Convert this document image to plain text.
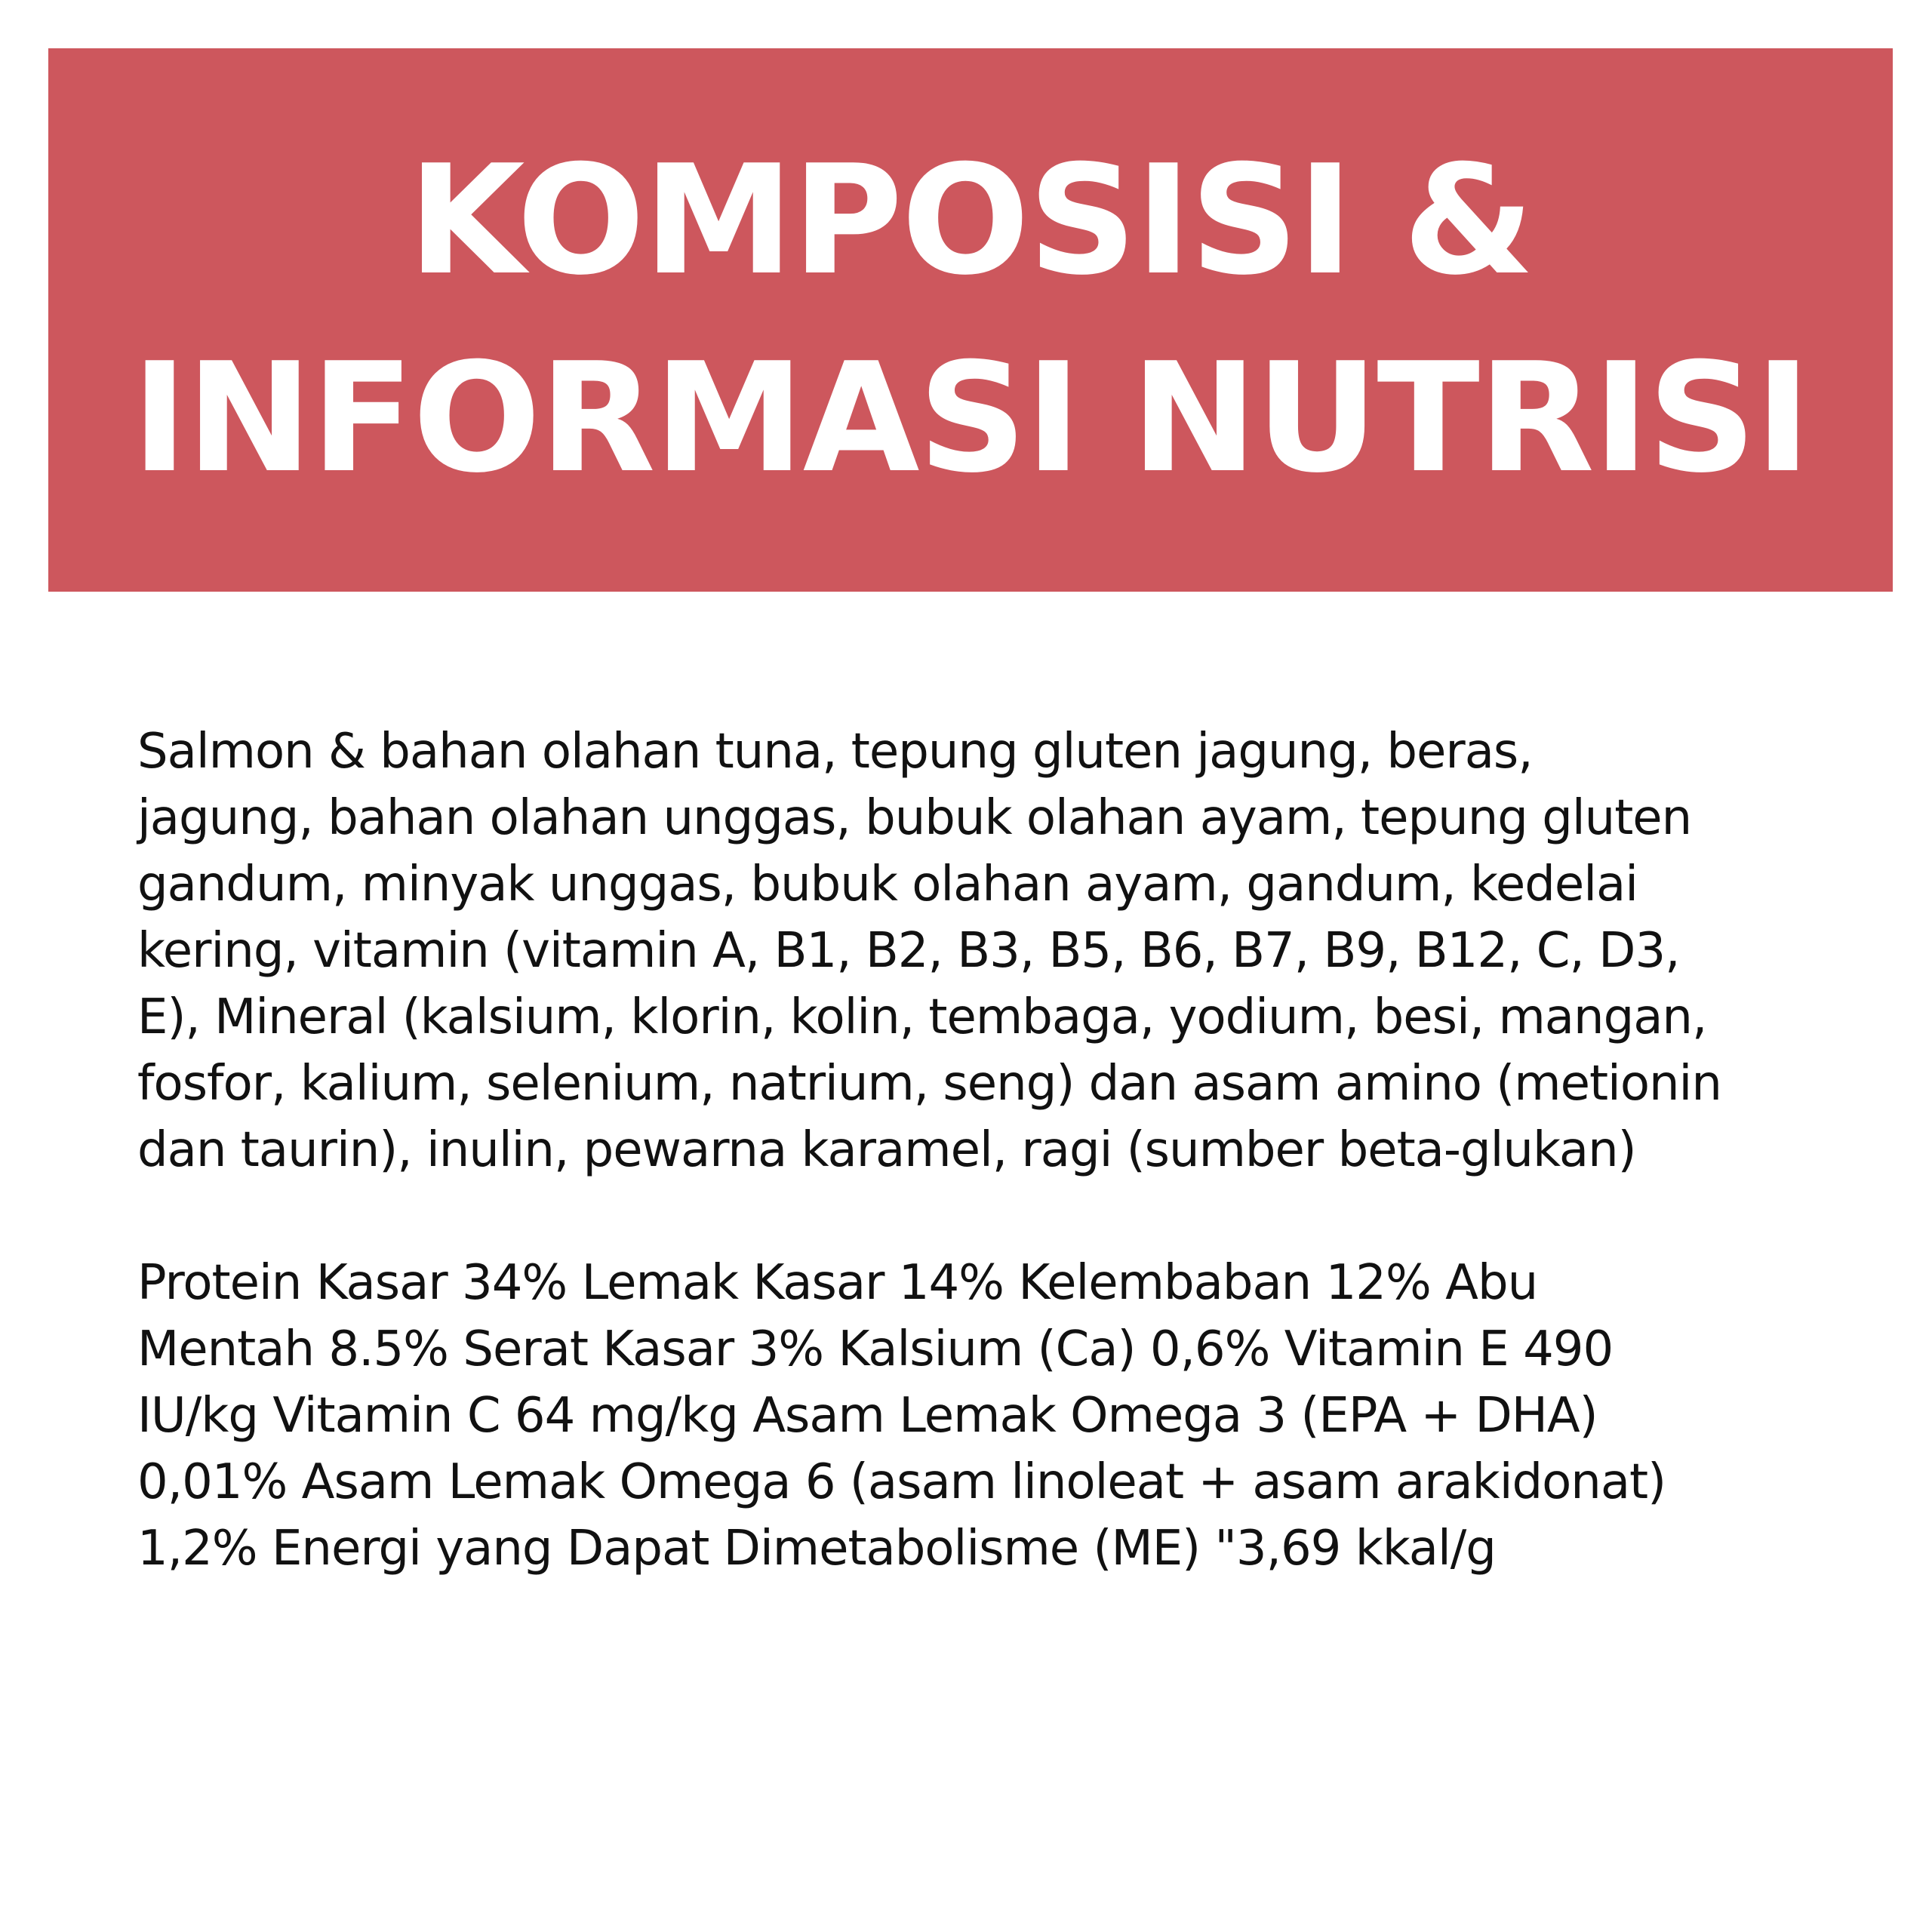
KOMPOSISI &
INFORMASI NUTRISI
Salmon & bahan olahan tuna, tepung gluten jagung, beras,
jagung, bahan olahan unggas, bubuk olahan ayam, tepung gluten
gandum, minyak unggas, bubuk olahan ayam, gandum, kedelai
kering, vitamin (vitamin A, B1, B2, B3, B5, B6, B7, B9, B12, C, D3,
E), Mineral (kalsium, klorin, kolin, tembaga, yodium, besi, mangan,
fosfor, kalium, selenium, natrium, seng) dan asam amino (metionin
dan taurin), inulin, pewarna karamel, ragi (sumber beta-glukan)
Protein Kasar 34% Lemak Kasar 14% Kelembaban 12% Abu
Mentah 8.5% Serat Kasar 3% Kalsium (Ca) 0,6% Vitamin E 490
IU/kg Vitamin C 64 mg/kg Asam Lemak Omega 3 (EPA + DHA)
0,01% Asam Lemak Omega 6 (asam linoleat + asam arakidonat)
1,2% Energi yang Dapat Dimetabolisme (ME) "3,69 kkal/g
